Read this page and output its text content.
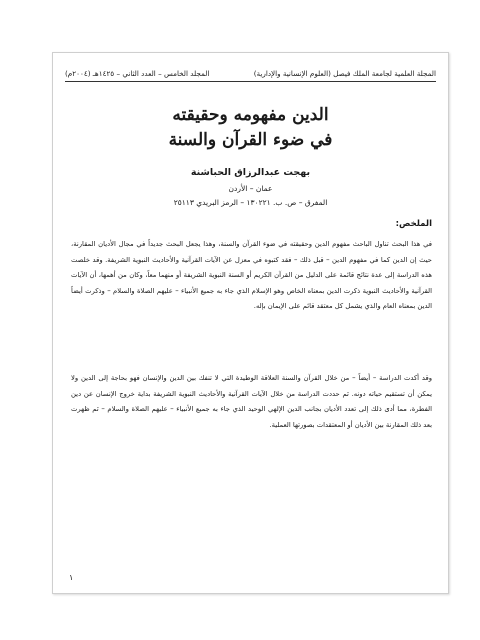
المجلة العلمية لجامعة الملك فيصل (العلوم الإنسانية والإدارية)
المجلد الخامس – العدد الثاني – ١٤٢٥هـ (٢٠٠٤م)
الدين مفهومه وحقيقته
في ضوء القرآن والسنة
بهجت عبدالرزاق الحباشنة
عمان – الأردن
المفرق – ص. ب. ١٣٠٢٢١ – الرمز البريدي ٢٥١١٣
الملخص:
في هذا البحث تناول الباحث مفهوم الدين وحقيقته في ضوء القرآن والسنة، وهذا يجعل البحث جديداً في مجال الأديان المقارنة، حيث إن الدين كما في مفهوم الدين – قبل ذلك – فقد كتبوه في معزل عن الآيات القرآنية والأحاديث النبوية الشريفة. وقد خلصت هذه الدراسة إلى عدة نتائج قائمة على الدليل من القرآن الكريم أو السنة النبوية الشريفة أو منهما معاً، وكان من أهمها، أن الآيات القرآنية والأحاديث النبوية ذكرت الدين بمعناه الخاص وهو الإسلام الذي جاء به جميع الأنبياء – عليهم الصلاة والسلام – وذكرت أيضاً الدين بمعناه العام والذي يشمل كل معتقد قائم على الإيمان بإله.
وقد أكدت الدراسة – أيضاً – من خلال القرآن والسنة العلاقة الوطيدة التي لا تنفك بين الدين والإنسان فهو بحاجة إلى الدين ولا يمكن أن تستقيم حياته دونه. ثم حددت الدراسة من خلال الآيات القرآنية والأحاديث النبوية الشريفة بداية خروج الإنسان عن دين الفطرة، مما أدى ذلك إلى تعدد الأديان بجانب الدين الإلهي الوحيد الذي جاء به جميع الأنبياء – عليهم الصلاة والسلام – ثم ظهرت بعد ذلك المقارنة بين الأديان أو المعتقدات بصورتها العملية.
١
